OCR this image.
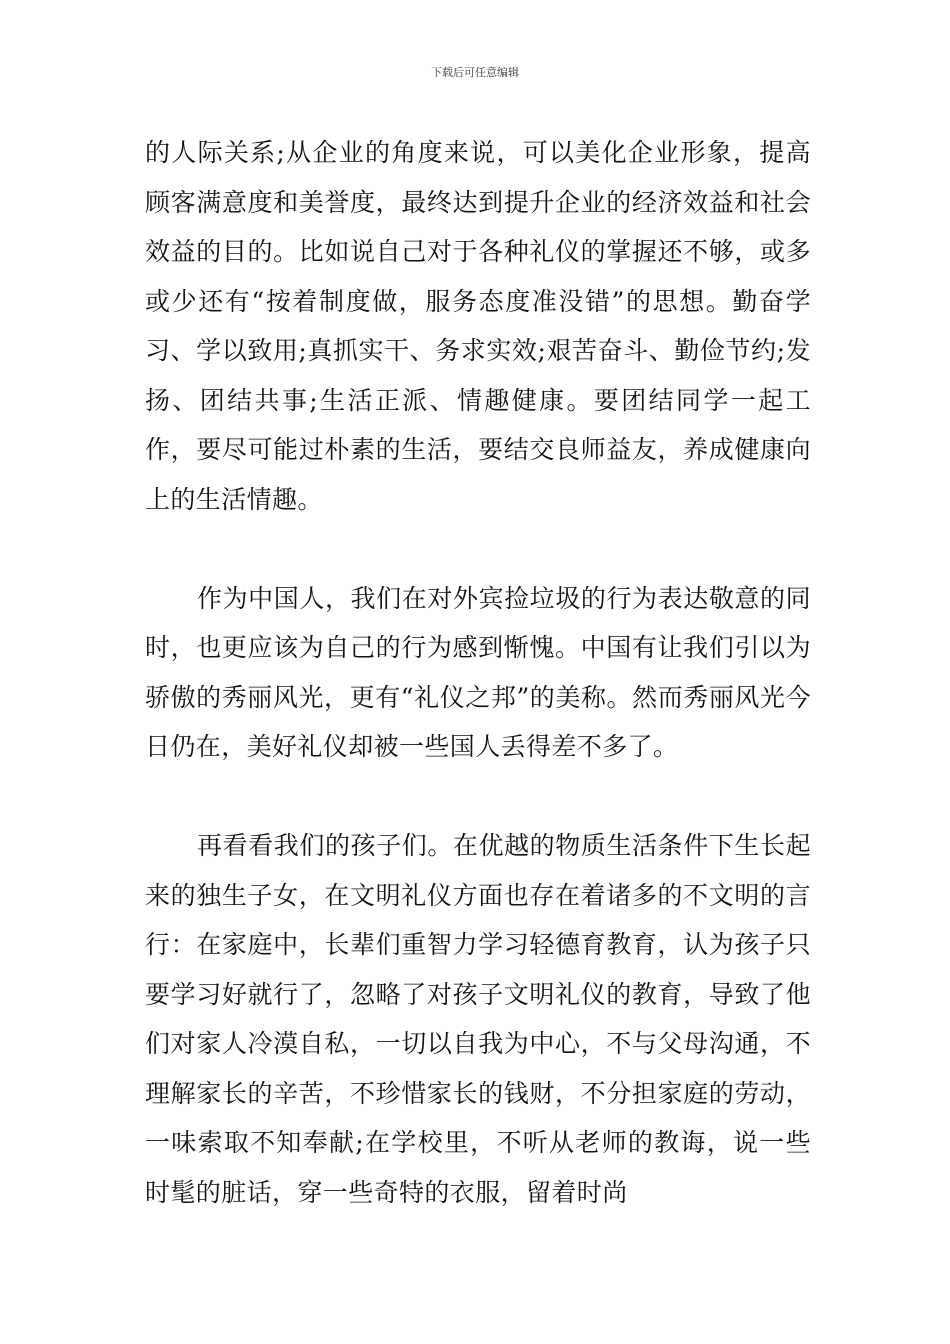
下载后可任意编辑

的人际关系;从企业的角度来说，可以美化企业形象，提高顾客满意度和美誉度，最终达到提升企业的经济效益和社会效益的目的。比如说自己对于各种礼仪的掌握还不够，或多或少还有“按着制度做，服务态度准没错”的思想。勤奋学习、学以致用;真抓实干、务求实效;艰苦奋斗、勤俭节约;发扬、团结共事;生活正派、情趣健康。要团结同学一起工作，要尽可能过朴素的生活，要结交良师益友，养成健康向上的生活情趣。

作为中国人，我们在对外宾捡垃圾的行为表达敬意的同时，也更应该为自己的行为感到惭愧。中国有让我们引以为骄傲的秀丽风光，更有“礼仪之邦”的美称。然而秀丽风光今日仍在，美好礼仪却被一些国人丢得差不多了。

再看看我们的孩子们。在优越的物质生活条件下生长起来的独生子女，在文明礼仪方面也存在着诸多的不文明的言行：在家庭中，长辈们重智力学习轻德育教育，认为孩子只要学习好就行了，忽略了对孩子文明礼仪的教育，导致了他们对家人冷漠自私，一切以自我为中心，不与父母沟通，不理解家长的辛苦，不珍惜家长的钱财，不分担家庭的劳动，一味索取不知奉献;在学校里，不听从老师的教诲，说一些时髦的脏话，穿一些奇特的衣服，留着时尚
